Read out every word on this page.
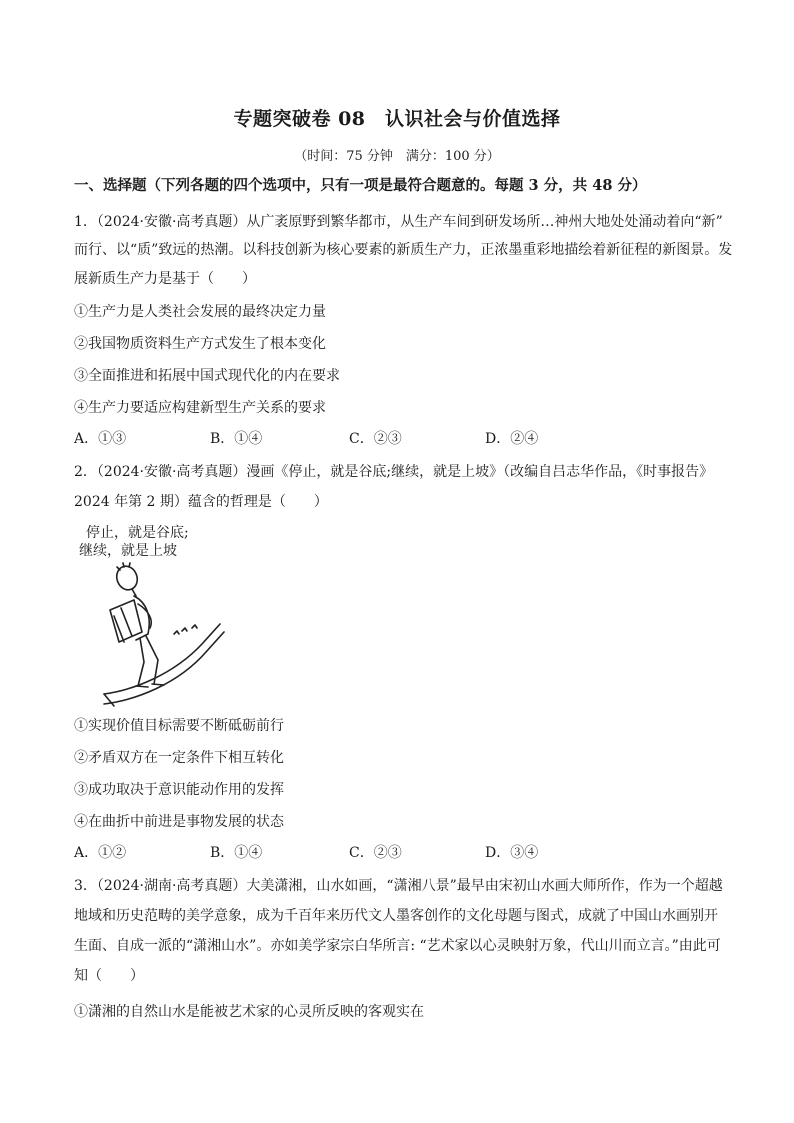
专题突破卷 08　认识社会与价值选择
（时间：75 分钟　满分：100 分）
一、选择题（下列各题的四个选项中，只有一项是最符合题意的。每题 3 分，共 48 分）
1．（2024·安徽·高考真题）从广袤原野到繁华都市，从生产车间到研发场所…神州大地处处涌动着向“新”
而行、以“质”致远的热潮。以科技创新为核心要素的新质生产力，正浓墨重彩地描绘着新征程的新图景。发
展新质生产力是基于（　　）
①生产力是人类社会发展的最终决定力量
②我国物质资料生产方式发生了根本变化
③全面推进和拓展中国式现代化的内在要求
④生产力要适应构建新型生产关系的要求
A．①③	B．①④	C．②③	D．②④
2．（2024·安徽·高考真题）漫画《停止，就是谷底;继续，就是上坡》（改编自吕志华作品，《时事报告》
2024 年第 2 期）蕴含的哲理是（　　）
停止，就是谷底;
继续，就是上坡
①实现价值目标需要不断砥砺前行
②矛盾双方在一定条件下相互转化
③成功取决于意识能动作用的发挥
④在曲折中前进是事物发展的状态
A．①②	B．①④	C．②③	D．③④
3．（2024·湖南·高考真题）大美潇湘，山水如画，“潇湘八景”最早由宋初山水画大师所作，作为一个超越
地域和历史范畴的美学意象，成为千百年来历代文人墨客创作的文化母题与图式，成就了中国山水画别开
生面、自成一派的“潇湘山水”。亦如美学家宗白华所言: “艺术家以心灵映射万象，代山川而立言。”由此可
知（　　）
①潇湘的自然山水是能被艺术家的心灵所反映的客观实在
